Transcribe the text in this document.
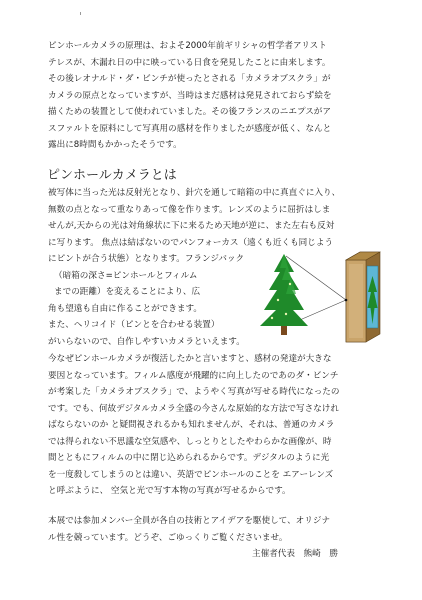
ピンホールカメラの原理は、およそ2000年前ギリシャの哲学者アリスト
テレスが、木漏れ日の中に映っている日食を発見したことに由来します。
その後レオナルド・ダ・ビンチが使ったとされる「カメラオブスクラ」が
カメラの原点となっていますが、当時はまだ感材は発見されておらず絵を
描くための装置として使われていました。その後フランスのニエプスがア
スファルトを原料にして写真用の感材を作りましたが感度が低く、なんと
露出に8時間もかかったそうです。

ピンホールカメラとは

被写体に当った光は反射光となり、針穴を通して暗箱の中に真直ぐに入り、
無数の点となって重なりあって像を作ります。レンズのように屈折はしま
せんが,天からの光は対角線状に下に来るため天地が逆に、また左右も反対
に写ります。 焦点は結ばないのでパンフォーカス（遠くも近くも同じよう
にピントが合う状態）となります。フランジバック
（暗箱の深さ=ピンホールとフィルム
までの距離）を変えることにより、広
角も望遠も自由に作ることができます。
また、ヘリコイド（ピンとを合わせる装置）
がいらないので、自作しやすいカメラといえます。

今なぜピンホールカメラが復活したかと言いますと、感材の発達が大きな
要因となっています。フィルム感度が飛躍的に向上したのであのダ・ビンチ
が考案した「カメラオブスクラ」で、ようやく写真が写せる時代になったの
です。でも、何故デジタルカメラ全盛の今さんな原始的な方法で写さなけれ
ばならないのか と疑問視されるかも知れませんが、それは、普通のカメラ
では得られない不思議な空気感や、しっとりとしたやわらかな画像が、時
間とともにフィルムの中に閉じ込められるからです。デジタルのように光
を一度殺してしまうのとは違い、英語でピンホールのことを エアーレンズ
と呼ぶように、 空気と光で写す本物の写真が写せるからです。

本展では参加メンバー全員が各自の技術とアイデアを駆使して、オリジナ
ル性を競っています。どうぞ、ごゆっくりご覧くださいませ。

主催者代表　熊崎　勝
